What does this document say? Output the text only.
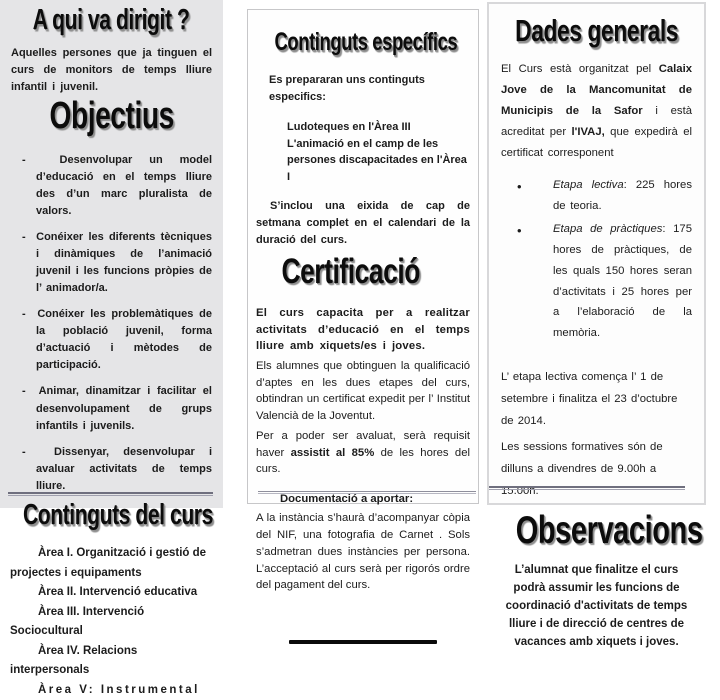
A qui va dirigit ?

Aquelles persones que ja tinguen el curs de monitors de temps lliure infantil i juvenil.

Objectius
- Desenvolupar un model d’educació en el temps lliure des d’un marc pluralista de valors.
- Conéixer les diferents tècniques i dinàmiques de l’animació juvenil i les funcions pròpies de l’ animador/a.
- Conéixer les problemàtiques de la població juvenil, forma d’actuació i mètodes de participació.
- Animar, dinamitzar i facilitar el desenvolupament de grups infantils i juvenils.
- Dissenyar, desenvolupar i avaluar activitats de temps lliure.
Continguts del curs
Àrea I. Organització i gestió de projectes i equipaments
Àrea II. Intervenció educativa
Àrea III. Intervenció Sociocultural
Àrea IV. Relacions interpersonals
Àrea V: Instrumental
Continguts específics

Es prepararan uns continguts especifics:

Ludoteques en l'Àrea III
L'animació en el camp de les persones discapacitades en l'Àrea I

S’inclou una eixida de cap de setmana complet en el calendari de la duració del curs.

Certificació

El curs capacita per a realitzar activitats d’educació en el temps lliure amb xiquets/es i joves.

Els alumnes que obtinguen la qualificació d’aptes en les dues etapes del curs, obtindran un certificat expedit per l’ Institut Valencià de la Joventut.

Per a poder ser avaluat, serà requisit haver assistit al 85% de les hores del curs.

Documentació a aportar:

A la instància s’haurà d’acompanyar còpia del NIF, una fotografia de Carnet . Sols s’admetran dues instàncies per persona. L’acceptació al curs serà per rigorós ordre del pagament del curs.

Dades generals

El Curs està organitzat pel Calaix Jove de la Mancomunitat de Municipis de la Safor i està acreditat per l'IVAJ, que expedirà el certificat corresponent

• Etapa lectiva: 225 hores de teoria.
• Etapa de pràctiques: 175 hores de pràctiques, de les quals 150 hores seran d’activitats i 25 hores per a l’elaboració de la memòria.

L’ etapa lectiva comença l’ 1 de setembre i finalitza el 23 d’octubre de 2014.

Les sessions formatives són de dilluns a divendres de 9.00h a 15.00h.

Observacions

L’alumnat que finalitze el curs podrà assumir les funcions de coordinació d'activitats de temps lliure i de direcció de centres de vacances amb xiquets i joves.
